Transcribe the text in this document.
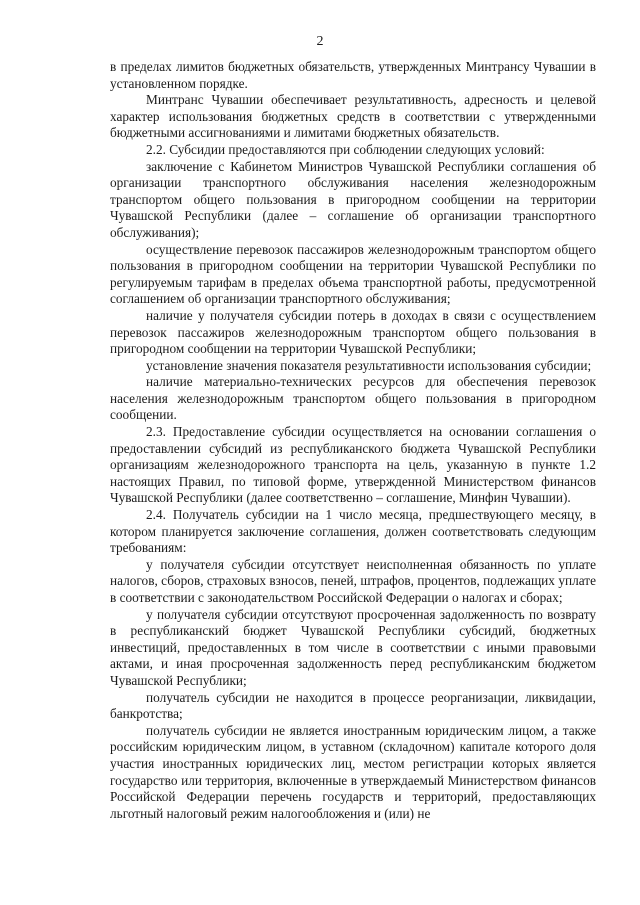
2

в пределах лимитов бюджетных обязательств, утвержденных Минтрансу Чувашии в установленном порядке.

Минтранс Чувашии обеспечивает результативность, адресность и целевой характер использования бюджетных средств в соответствии с утвержденными бюджетными ассигнованиями и лимитами бюджетных обязательств.

2.2. Субсидии предоставляются при соблюдении следующих условий:

заключение с Кабинетом Министров Чувашской Республики соглашения об организации транспортного обслуживания населения железнодорожным транспортом общего пользования в пригородном сообщении на территории Чувашской Республики (далее – соглашение об организации транспортного обслуживания);

осуществление перевозок пассажиров железнодорожным транспортом общего пользования в пригородном сообщении на территории Чувашской Республики по регулируемым тарифам в пределах объема транспортной работы, предусмотренной соглашением об организации транспортного обслуживания;

наличие у получателя субсидии потерь в доходах в связи с осуществлением перевозок пассажиров железнодорожным транспортом общего пользования в пригородном сообщении на территории Чувашской Республики;

установление значения показателя результативности использования субсидии;

наличие материально-технических ресурсов для обеспечения перевозок населения железнодорожным транспортом общего пользования в пригородном сообщении.

2.3. Предоставление субсидии осуществляется на основании соглашения о предоставлении субсидий из республиканского бюджета Чувашской Республики организациям железнодорожного транспорта на цель, указанную в пункте 1.2 настоящих Правил, по типовой форме, утвержденной Министерством финансов Чувашской Республики (далее соответственно – соглашение, Минфин Чувашии).

2.4. Получатель субсидии на 1 число месяца, предшествующего месяцу, в котором планируется заключение соглашения, должен соответствовать следующим требованиям:

у получателя субсидии отсутствует неисполненная обязанность по уплате налогов, сборов, страховых взносов, пеней, штрафов, процентов, подлежащих уплате в соответствии с законодательством Российской Федерации о налогах и сборах;

у получателя субсидии отсутствуют просроченная задолженность по возврату в республиканский бюджет Чувашской Республики субсидий, бюджетных инвестиций, предоставленных в том числе в соответствии с иными правовыми актами, и иная просроченная задолженность перед республиканским бюджетом Чувашской Республики;

получатель субсидии не находится в процессе реорганизации, ликвидации, банкротства;

получатель субсидии не является иностранным юридическим лицом, а также российским юридическим лицом, в уставном (складочном) капитале которого доля участия иностранных юридических лиц, местом регистрации которых является государство или территория, включенные в утверждаемый Министерством финансов Российской Федерации перечень государств и территорий, предоставляющих льготный налоговый режим налогообложения и (или) не
